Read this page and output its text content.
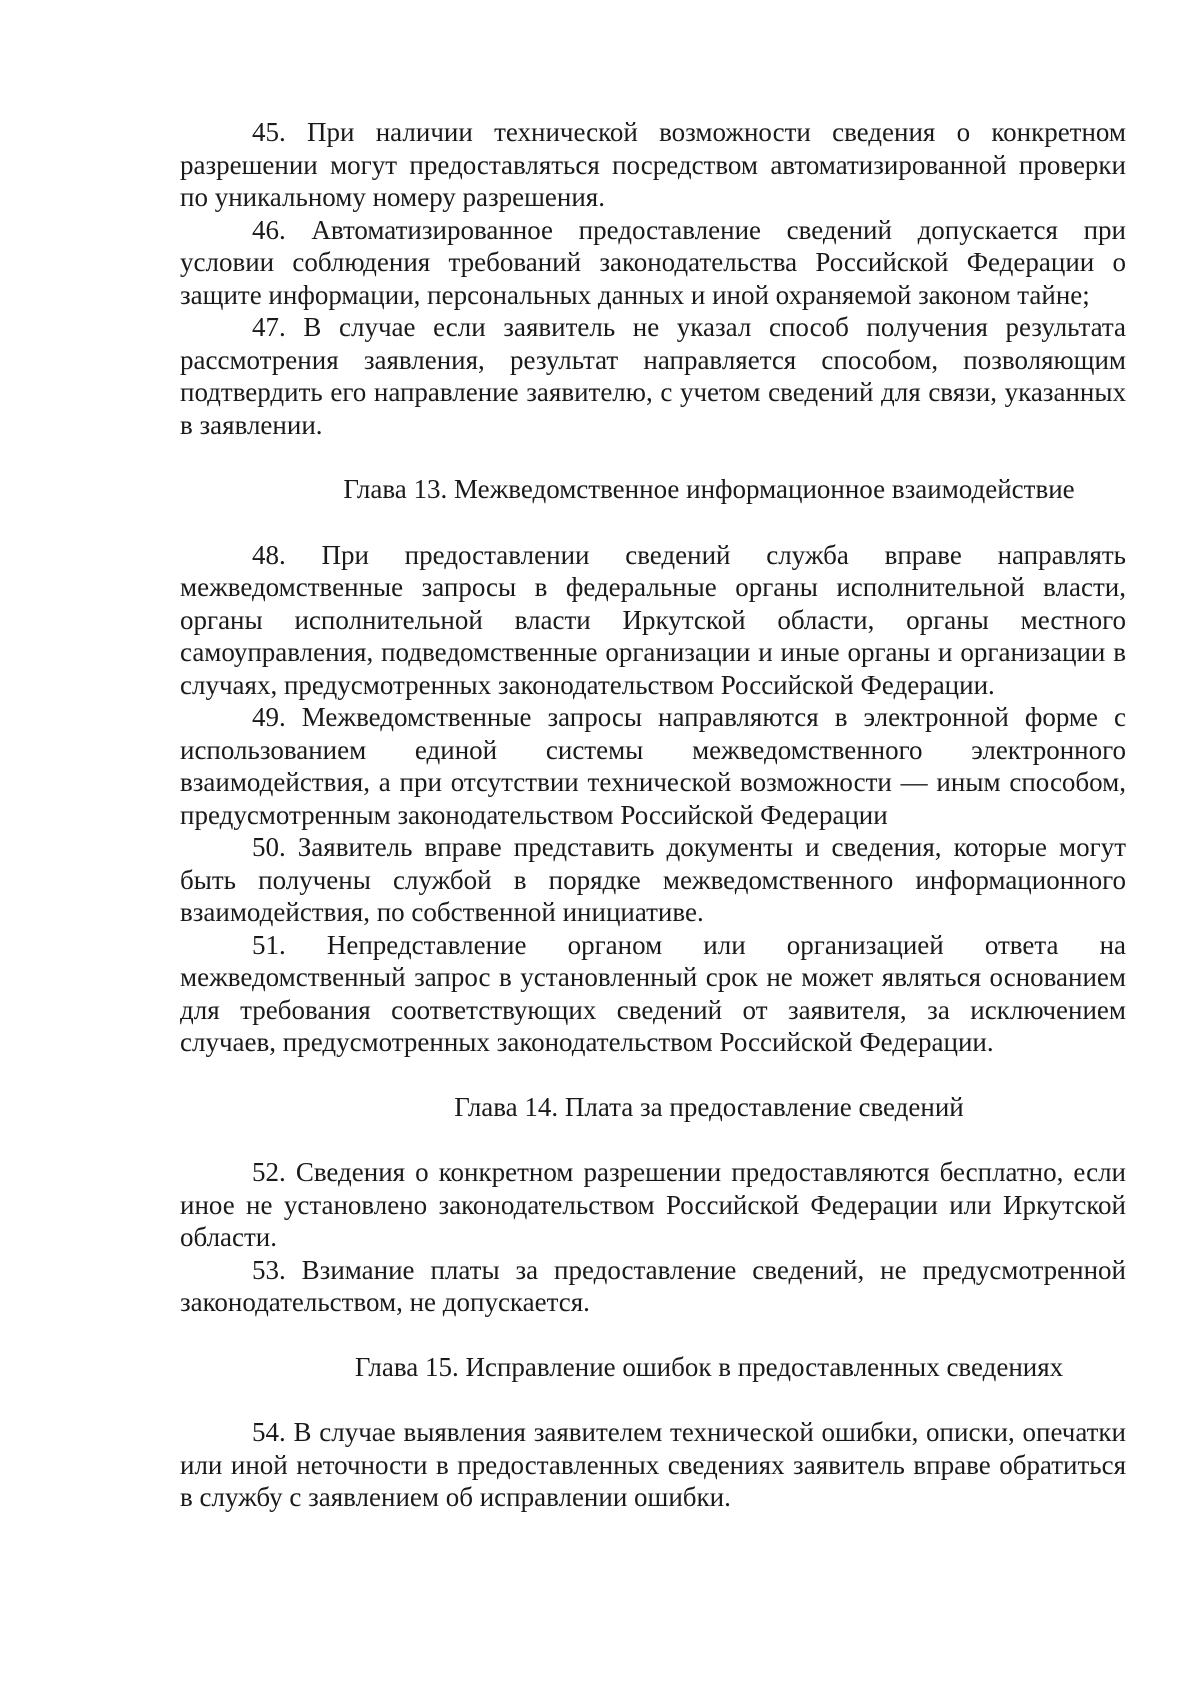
45. При наличии технической возможности сведения о конкретном разрешении могут предоставляться посредством автоматизированной проверки по уникальному номеру разрешения.

46. Автоматизированное предоставление сведений допускается при условии соблюдения требований законодательства Российской Федерации о защите информации, персональных данных и иной охраняемой законом тайне;

47. В случае если заявитель не указал способ получения результата рассмотрения заявления, результат направляется способом, позволяющим подтвердить его направление заявителю, с учетом сведений для связи, указанных в заявлении.

Глава 13. Межведомственное информационное взаимодействие

48. При предоставлении сведений служба вправе направлять межведомственные запросы в федеральные органы исполнительной власти, органы исполнительной власти Иркутской области, органы местного самоуправления, подведомственные организации и иные органы и организации в случаях, предусмотренных законодательством Российской Федерации.

49. Межведомственные запросы направляются в электронной форме с использованием единой системы межведомственного электронного взаимодействия, а при отсутствии технической возможности — иным способом, предусмотренным законодательством Российской Федерации

50. Заявитель вправе представить документы и сведения, которые могут быть получены службой в порядке межведомственного информационного взаимодействия, по собственной инициативе.

51. Непредставление органом или организацией ответа на межведомственный запрос в установленный срок не может являться основанием для требования соответствующих сведений от заявителя, за исключением случаев, предусмотренных законодательством Российской Федерации.

Глава 14. Плата за предоставление сведений

52. Сведения о конкретном разрешении предоставляются бесплатно, если иное не установлено законодательством Российской Федерации или Иркутской области.

53. Взимание платы за предоставление сведений, не предусмотренной законодательством, не допускается.

Глава 15. Исправление ошибок в предоставленных сведениях

54. В случае выявления заявителем технической ошибки, описки, опечатки или иной неточности в предоставленных сведениях заявитель вправе обратиться в службу с заявлением об исправлении ошибки.
